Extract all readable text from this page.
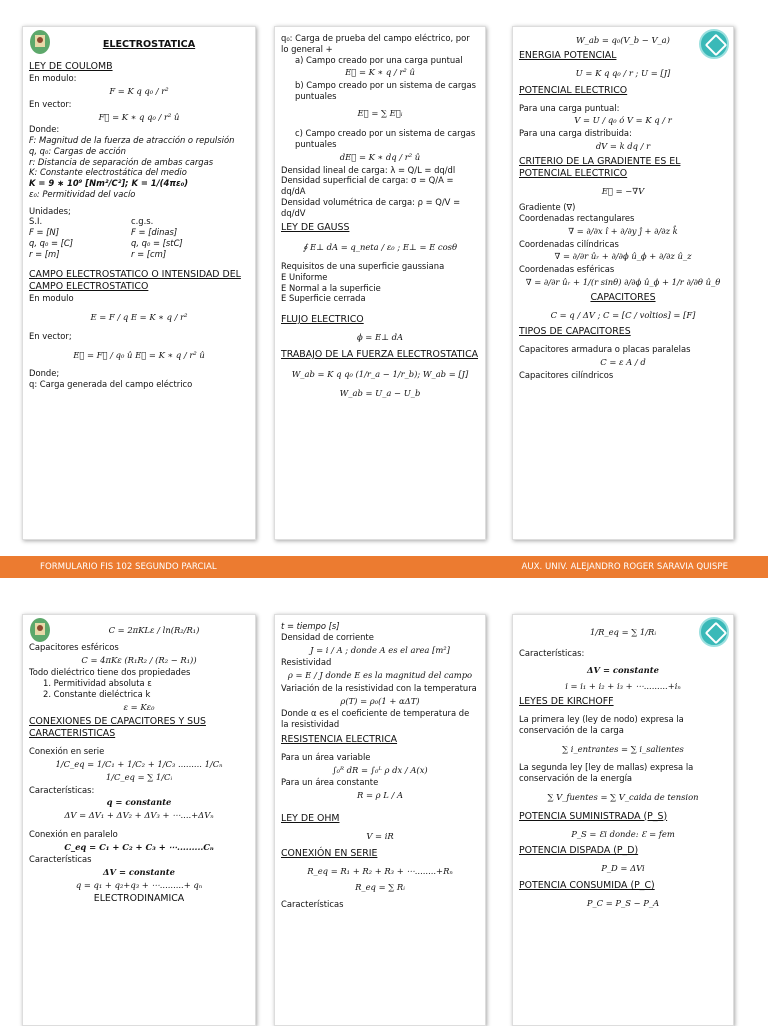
ELECTROSTATICA
LEY DE COULOMB
En modulo:
F = K q q₀ / r²
En vector:
F⃗ = K ∗ q q₀ / r² û
Donde:
F: Magnitud de la fuerza de atracción o repulsión
q, q₀: Cargas de acción
r: Distancia de separación de ambas cargas
K: Constante electrostática del medio
K = 9 ∗ 10⁹ [Nm²/C²]; K = 1/(4πε₀)
ε₀: Permitividad del vacío
Unidades;
S.I.
F = [N]
q, q₀ = [C]
r = [m]
c.g.s.
F = [dinas]
q, q₀ = [stC]
r = [cm]
CAMPO ELECTROSTATICO O INTENSIDAD DEL CAMPO ELECTROSTATICO
En modulo
E = F / q E = K ∗ q / r²
En vector;
E⃗ = F⃗ / q₀ û E⃗ = K ∗ q / r² û
Donde;
q: Carga generada del campo eléctrico
q₀: Carga de prueba del campo eléctrico, por lo general +
a) Campo creado por una carga puntual
E⃗ = K ∗ q / r² û
b) Campo creado por un sistema de cargas puntuales
E⃗ = ∑ E⃗ᵢ
c) Campo creado por un sistema de cargas puntuales
dE⃗ = K ∗ dq / r² û
Densidad lineal de carga: λ = Q/L = dq/dl
Densidad superficial de carga: σ = Q/A = dq/dA
Densidad volumétrica de carga: ρ = Q/V = dq/dV
LEY DE GAUSS
∮ E⊥ dA = q_neta / ε₀ ; E⊥ = E cosθ
Requisitos de una superficie gaussiana
E Uniforme
E Normal a la superficie
E Superficie cerrada
FLUJO ELECTRICO
ϕ = E⊥ dA
TRABAJO DE LA FUERZA ELECTROSTATICA
W_ab = K q q₀ (1/r_a − 1/r_b); W_ab = [J]
W_ab = U_a − U_b
W_ab = q₀(V_b − V_a)
ENERGIA POTENCIAL
U = K q q₀ / r ; U = [J]
POTENCIAL ELECTRICO
Para una carga puntual:
V = U / q₀ ó V = K q / r
Para una carga distribuida:
dV = k dq / r
CRITERIO DE LA GRADIENTE ES EL POTENCIAL ELECTRICO
E⃗ = −∇V
Gradiente (∇)
Coordenadas rectangulares
∇ = ∂/∂x î + ∂/∂y ĵ + ∂/∂z k̂
Coordenadas cilíndricas
∇ = ∂/∂r ûᵣ + ∂/∂ϕ û_ϕ + ∂/∂z û_z
Coordenadas esféricas
∇ = ∂/∂r ûᵣ + 1/(r sinθ) ∂/∂ϕ û_ϕ + 1/r ∂/∂θ û_θ
CAPACITORES
C = q / ΔV ; C = [C / voltios] = [F]
TIPOS DE CAPACITORES
Capacitores armadura o placas paralelas
C = ε A / d
Capacitores cilíndricos
FORMULARIO FIS 102 SEGUNDO PARCIAL	AUX. UNIV. ALEJANDRO ROGER SARAVIA QUISPE
C = 2πKLε / ln(R₂/R₁)
Capacitores esféricos
C = 4πKε (R₁R₂ / (R₂ − R₁))
Todo dieléctrico tiene dos propiedades
1. Permitividad absoluta ε
2. Constante dieléctrica k
ε = Kε₀
CONEXIONES DE CAPACITORES Y SUS CARACTERISTICAS
Conexión en serie
1/C_eq = 1/C₁ + 1/C₂ + 1/C₃ ......... 1/Cₙ
1/C_eq = ∑ 1/Cᵢ
Características:
q = constante
ΔV = ΔV₁ + ΔV₂ + ΔV₃ + ⋯....+ΔVₙ
Conexión en paralelo
C_eq = C₁ + C₂ + C₃ + ⋯.........Cₙ
Características
ΔV = constante
q = q₁ + q₂+q₃ + ⋯.........+ qₙ
ELECTRODINAMICA
t = tiempo [s]
Densidad de corriente
J = i / A ; donde A es el area [m²]
Resistividad
ρ = E / J donde E es la magnitud del campo
Variación de la resistividad con la temperatura
ρ(T) = ρ₀(1 + αΔT)
Donde α es el coeficiente de temperatura de la resistividad
RESISTENCIA ELECTRICA
Para un área variable
∫₀ᴿ dR = ∫₀ᴸ ρ dx / A(x)
Para un área constante
R = ρ L / A
LEY DE OHM
V = iR
CONEXIÓN EN SERIE
R_eq = R₁ + R₂ + R₃ + ⋯........+Rₙ
R_eq = ∑ Rᵢ
Características
1/R_eq = ∑ 1/Rᵢ
Características:
ΔV = constante
i = i₁ + i₂ + i₃ + ⋯.........+iₙ
LEYES DE KIRCHOFF
La primera ley (ley de nodo) expresa la conservación de la carga
∑ i_entrantes = ∑ i_salientes
La segunda ley [ley de mallas) expresa la conservación de la energía
∑ V_fuentes = ∑ V_caida de tension
POTENCIA SUMINISTRADA (P_S)
P_S = Ɛi donde: Ɛ = fem
POTENCIA DISPADA (P_D)
P_D = ΔVi
POTENCIA CONSUMIDA (P_C)
P_C = P_S − P_A
